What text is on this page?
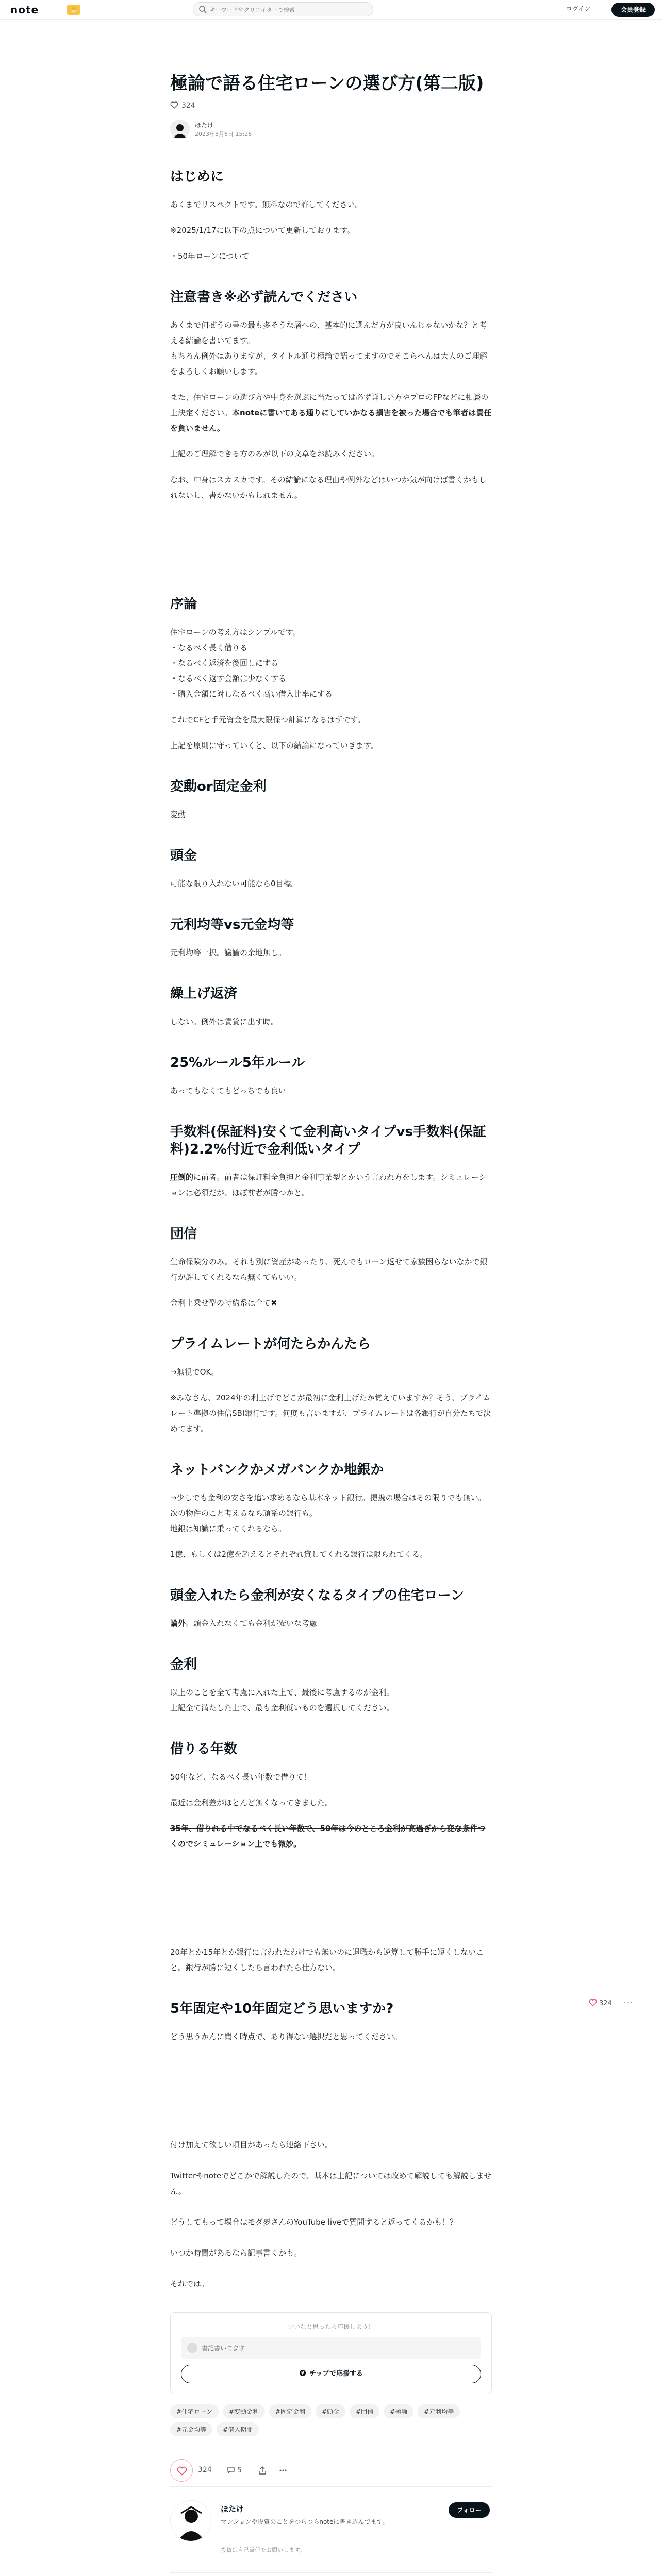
note	🐣
キーワードやクリエイターで検索	ログイン	会員登録
極論で語る住宅ローンの選び方(第二版)
324
ほたけ
2023年3月6日 15:26
はじめに

あくまでリスペクトです。無料なので許してください。

※2025/1/17に以下の点について更新しております。

・50年ローンについて

注意書き※必ず読んでください

あくまで何ぜうの書の最も多そうな層への、基本的に選んだ方が良いんじゃないかな？と考える結論を書いてます。

もちろん例外はありますが、タイトル通り極論で語ってますのでそこらへんは大人のご理解をよろしくお願いします。

また、住宅ローンの選び方や中身を選ぶに当たっては必ず詳しい方やプロのFPなどに相談の上決定ください。本noteに書いてある通りにしていかなる損害を被った場合でも筆者は責任を負いません。

上記のご理解できる方のみが以下の文章をお読みください。

なお、中身はスカスカです。その結論になる理由や例外などはいつか気が向けば書くかもしれないし、書かないかもしれません。

序論

住宅ローンの考え方はシンプルです。

・なるべく長く借りる

・なるべく返済を後回しにする

・なるべく返す金額は少なくする

・購入金額に対しなるべく高い借入比率にする

これでCFと手元資金を最大限保つ計算になるはずです。

上記を原則に守っていくと、以下の結論になっていきます。

変動or固定金利

変動

頭金

可能な限り入れない可能なら0目標。

元利均等vs元金均等

元利均等一択。議論の余地無し。

繰上げ返済

しない。例外は賃貸に出す時。

25%ルール5年ルール

あってもなくてもどっちでも良い

手数料(保証料)安くて金利高いタイプvs手数料(保証料)2.2%付近で金利低いタイプ

圧倒的に前者。前者は保証料全負担と金利事業型とかいう言われ方をします。シミュレーションは必須だが、ほぼ前者が勝つかと。

団信

生命保険分のみ。それも別に資産があったり、死んでもローン返せて家族困らないなかで銀行が許してくれるなら無くてもいい。

金利上乗せ型の特約系は全て✖

プライムレートが何たらかんたら

→無視でOK。

※みなさん、2024年の利上げでどこが最初に金利上げたか覚えていますか？そう、プライムレート準拠の住信SBI銀行です。何度も言いますが、プライムレートは各銀行が自分たちで決めてます。

ネットバンクかメガバンクか地銀か

→少しでも金利の安さを追い求めるなら基本ネット銀行。提携の場合はその限りでも無い。

次の物件のこと考えるなら頑系の銀行も。

地銀は知識に乗ってくれるなら。

1億、もしくは2億を超えるとそれぞれ貸してくれる銀行は限られてくる。

頭金入れたら金利が安くなるタイプの住宅ローン

論外。頭金入れなくても金利が安いな考慮

金利

以上のことを全て考慮に入れた上で、最後に考慮するのが金利。

上記全て満たした上で、最も金利低いものを選択してください。

借りる年数

50年など、なるべく長い年数で借りて！

最近は金利差がほとんど無くなってきました。

35年、借りれる中でなるべく長い年数で、50年は今のところ金利が高過ぎから変な条件つくのでシミュレーション上でも微妙。

20年とか15年とか銀行に言われたわけでも無いのに退職から逆算して勝手に短くしないこと。銀行が勝に短くしたら言われたら仕方ない。

5年固定や10年固定どう思いますか?

どう思うかんに聞く時点で、あり得ない選択だと思ってください。

付け加えて欲しい項目があったら連絡下さい。

Twitterやnoteでどこかで解説したので、基本は上記については改めて解説しても解説しません。

どうしてもって場合はモダ夢さんのYouTube liveで質問すると返ってくるかも！？

いつか時間があるなら記事書くかも。

それでは。

いいなと思ったら応援しよう！
書記書いてます
¥ チップで応援する
#住宅ローン	#変動金利	#固定金利	#頭金	#団信	#極論	#元利均等
#元金均等	#借入期間
324	5
ほたけ
マンションや投資のことをつらつらnoteに書き込んでます。
投資は自己責任でお願いします。
フォロー
324 ···
